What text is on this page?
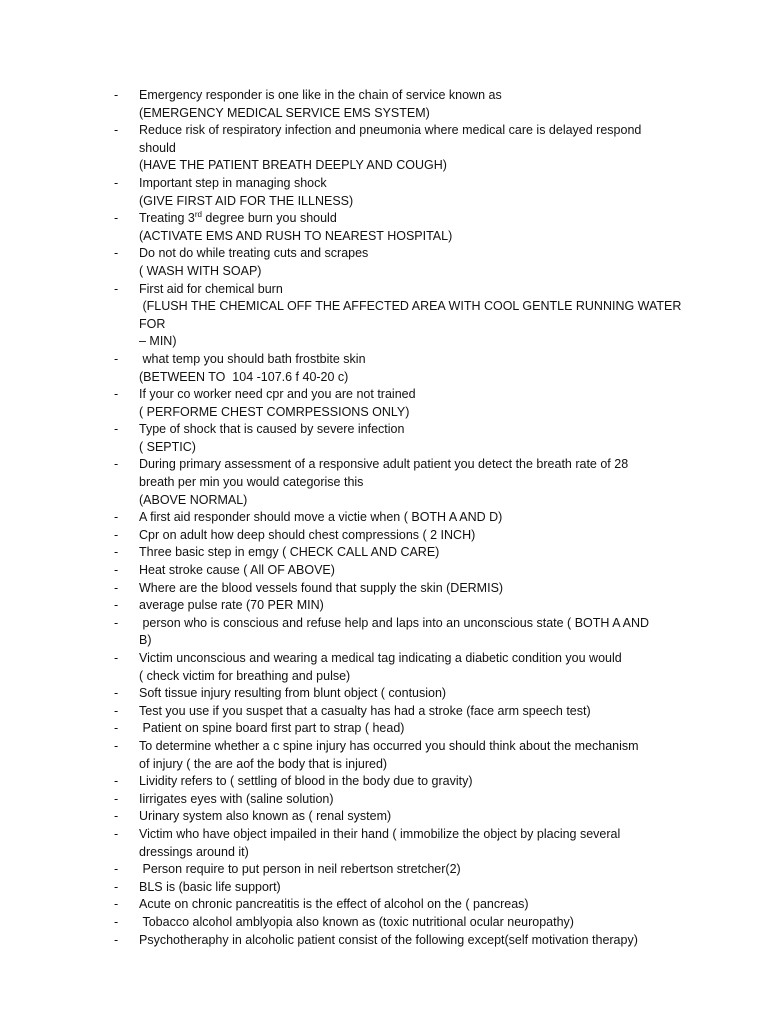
- Emergency responder is one like in the chain of service known as
(EMERGENCY MEDICAL SERVICE EMS SYSTEM)
- Reduce risk of respiratory infection and pneumonia where medical care is delayed respond
should
(HAVE THE PATIENT BREATH DEEPLY AND COUGH)
- Important step in managing shock
(GIVE FIRST AID FOR THE ILLNESS)
- Treating 3rd degree burn you should
(ACTIVATE EMS AND RUSH TO NEAREST HOSPITAL)
- Do not do while treating cuts and scrapes
( WASH WITH SOAP)
- First aid for chemical burn
(FLUSH THE CHEMICAL OFF THE AFFECTED AREA WITH COOL GENTLE RUNNING WATER FOR
– MIN)
- what temp you should bath frostbite skin
(BETWEEN TO  104 -107.6 f 40-20 c)
- If your co worker need cpr and you are not trained
( PERFORME CHEST COMRPESSIONS ONLY)
- Type of shock that is caused by severe infection
( SEPTIC)
- During primary assessment of a responsive adult patient you detect the breath rate of 28
breath per min you would categorise this
(ABOVE NORMAL)
- A first aid responder should move a victie when ( BOTH A AND D)
- Cpr on adult how deep should chest compressions ( 2 INCH)
- Three basic step in emgy ( CHECK CALL AND CARE)
- Heat stroke cause ( All OF ABOVE)
- Where are the blood vessels found that supply the skin (DERMIS)
- average pulse rate (70 PER MIN)
- person who is conscious and refuse help and laps into an unconscious state ( BOTH A AND
B)
- Victim unconscious and wearing a medical tag indicating a diabetic condition you would
( check victim for breathing and pulse)
- Soft tissue injury resulting from blunt object ( contusion)
- Test you use if you suspet that a casualty has had a stroke (face arm speech test)
- Patient on spine board first part to strap ( head)
- To determine whether a c spine injury has occurred you should think about the mechanism
of injury ( the are aof the body that is injured)
- Lividity refers to ( settling of blood in the body due to gravity)
- Iirrigates eyes with (saline solution)
- Urinary system also known as ( renal system)
- Victim who have object impailed in their hand ( immobilize the object by placing several
dressings around it)
- Person require to put person in neil rebertson stretcher(2)
- BLS is (basic life support)
- Acute on chronic pancreatitis is the effect of alcohol on the ( pancreas)
- Tobacco alcohol amblyopia also known as (toxic nutritional ocular neuropathy)
- Psychotheraphy in alcoholic patient consist of the following except(self motivation therapy)
